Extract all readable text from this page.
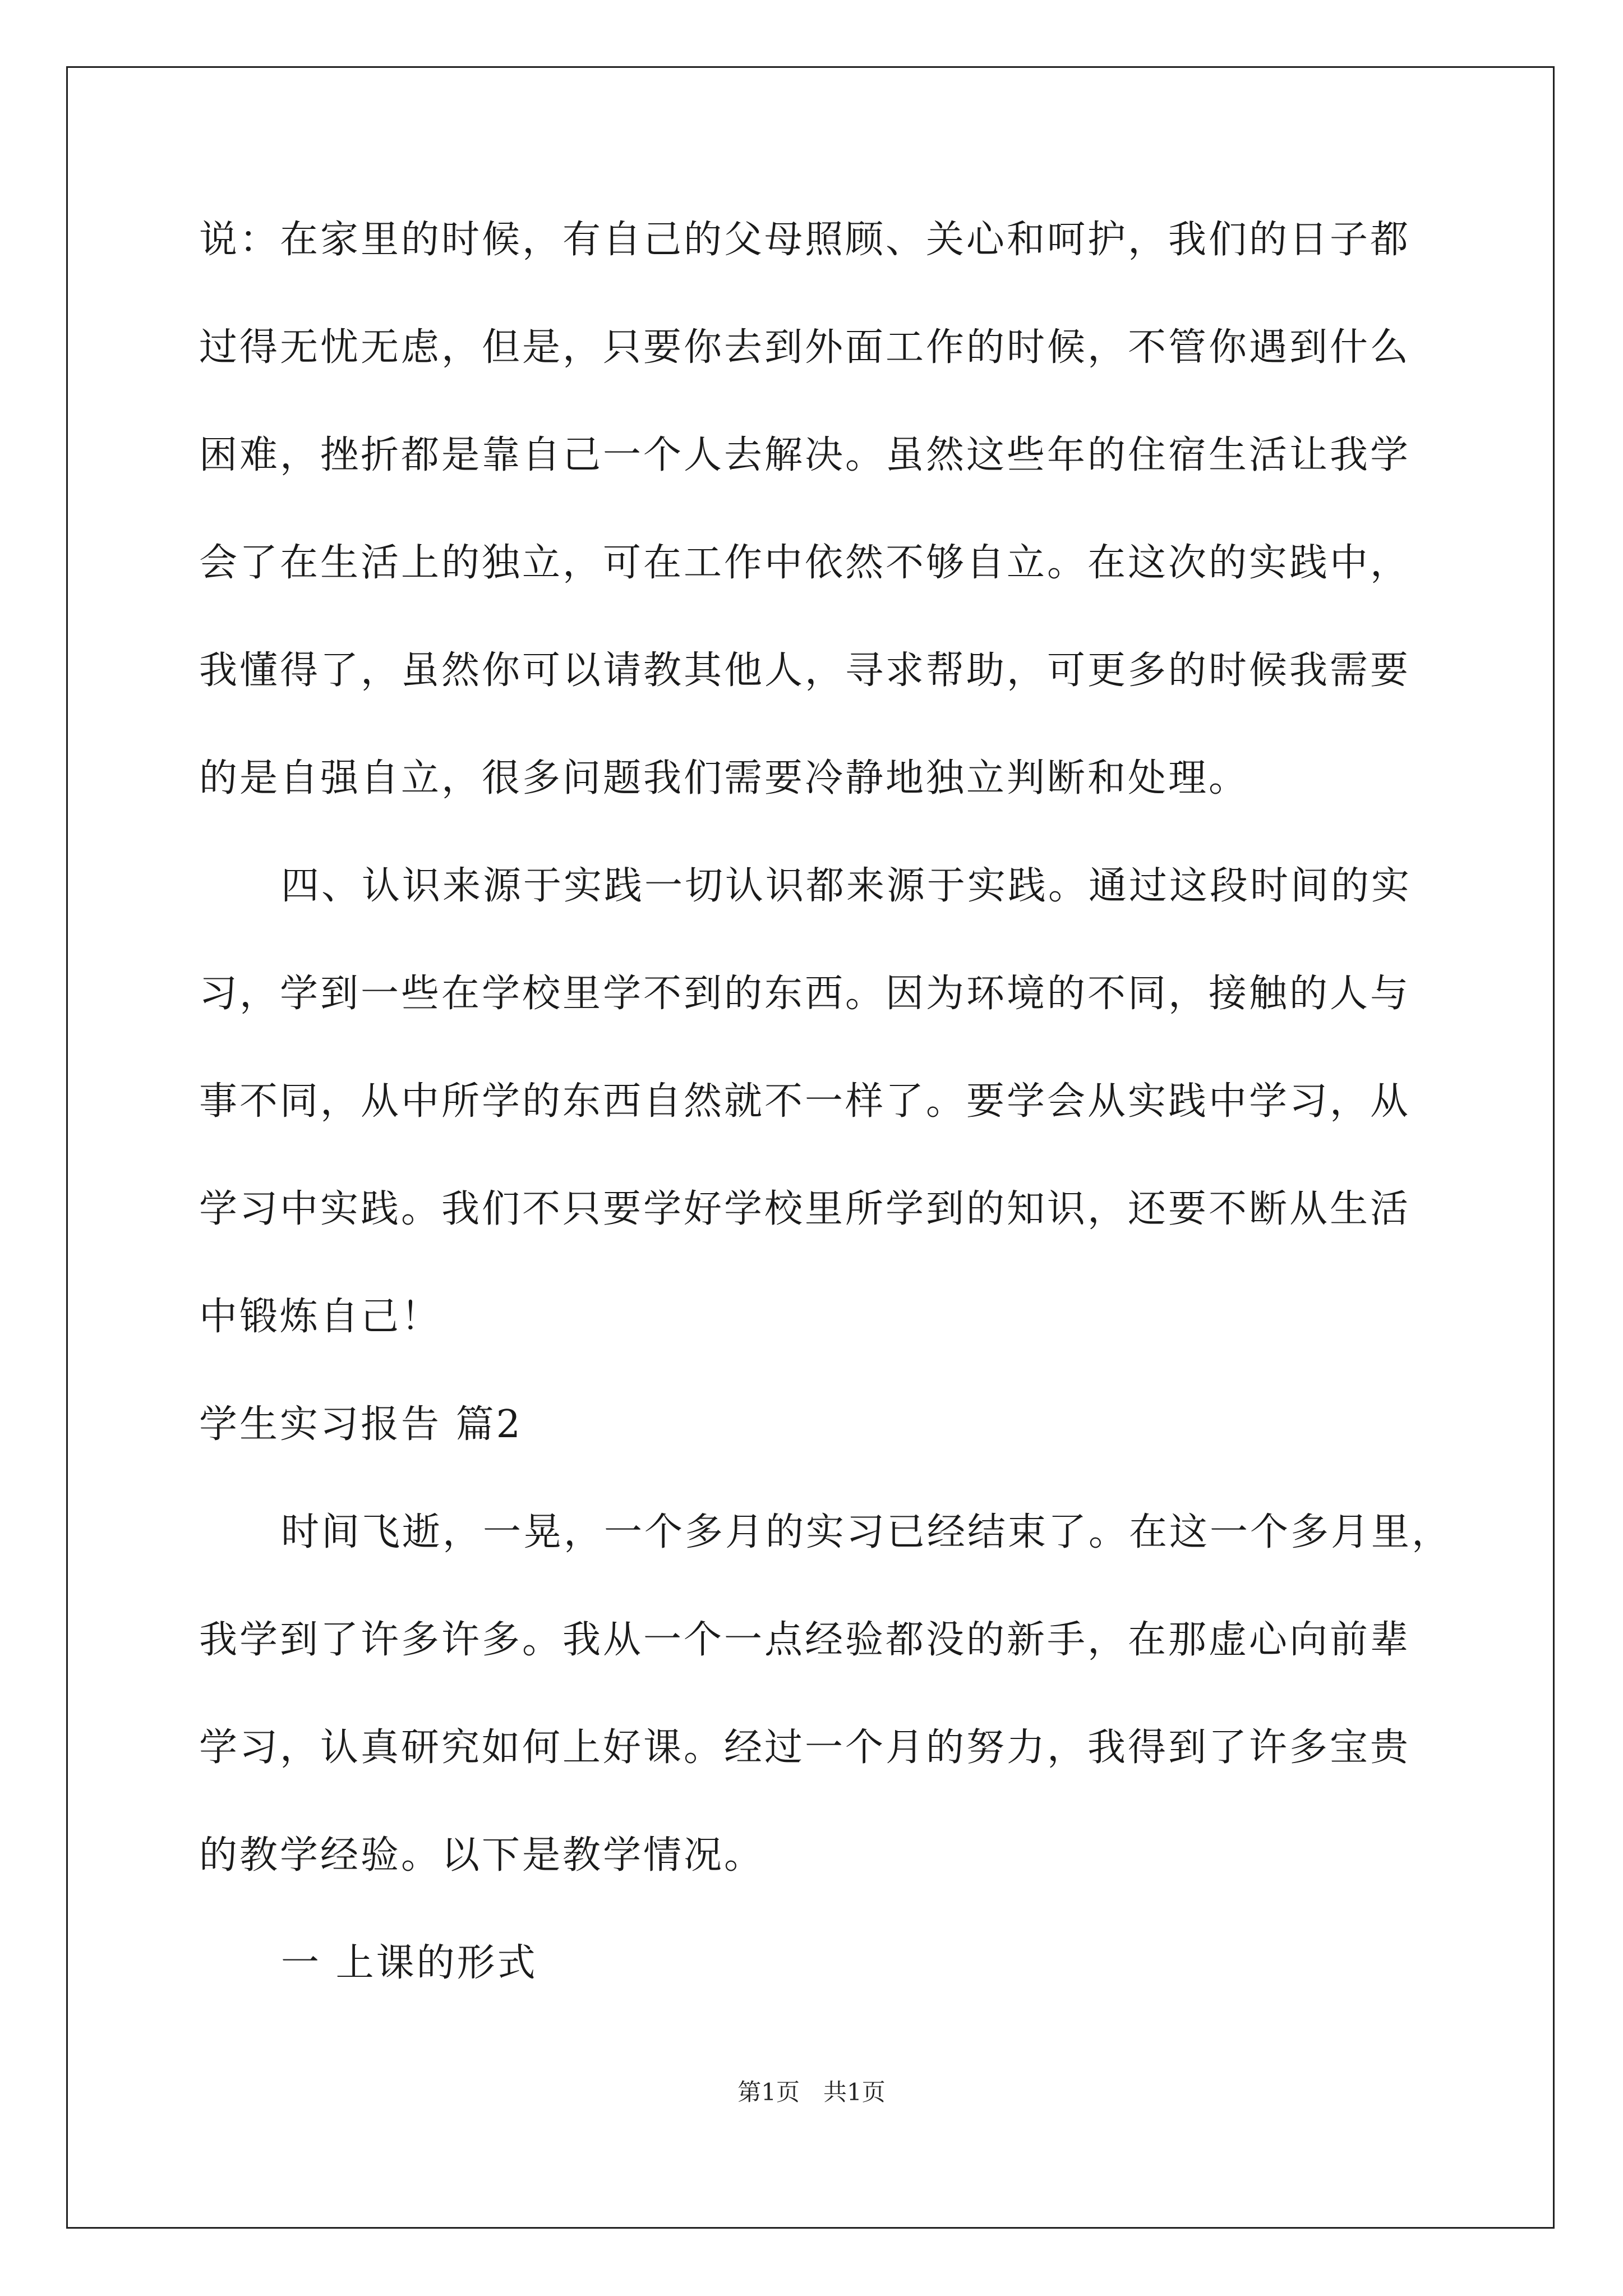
说：在家里的时候，有自己的父母照顾、关心和呵护，我们的日子都
过得无忧无虑，但是，只要你去到外面工作的时候，不管你遇到什么
困难，挫折都是靠自己一个人去解决。虽然这些年的住宿生活让我学
会了在生活上的独立，可在工作中依然不够自立。在这次的实践中，
我懂得了，虽然你可以请教其他人，寻求帮助，可更多的时候我需要
的是自强自立，很多问题我们需要冷静地独立判断和处理。
四、认识来源于实践一切认识都来源于实践。通过这段时间的实
习，学到一些在学校里学不到的东西。因为环境的不同，接触的人与
事不同，从中所学的东西自然就不一样了。要学会从实践中学习，从
学习中实践。我们不只要学好学校里所学到的知识，还要不断从生活
中锻炼自己！
学生实习报告 篇2
时间飞逝，一晃，一个多月的实习已经结束了。在这一个多月里，
我学到了许多许多。我从一个一点经验都没的新手，在那虚心向前辈
学习，认真研究如何上好课。经过一个月的努力，我得到了许多宝贵
的教学经验。以下是教学情况。
一 上课的形式
第1页　共1页
